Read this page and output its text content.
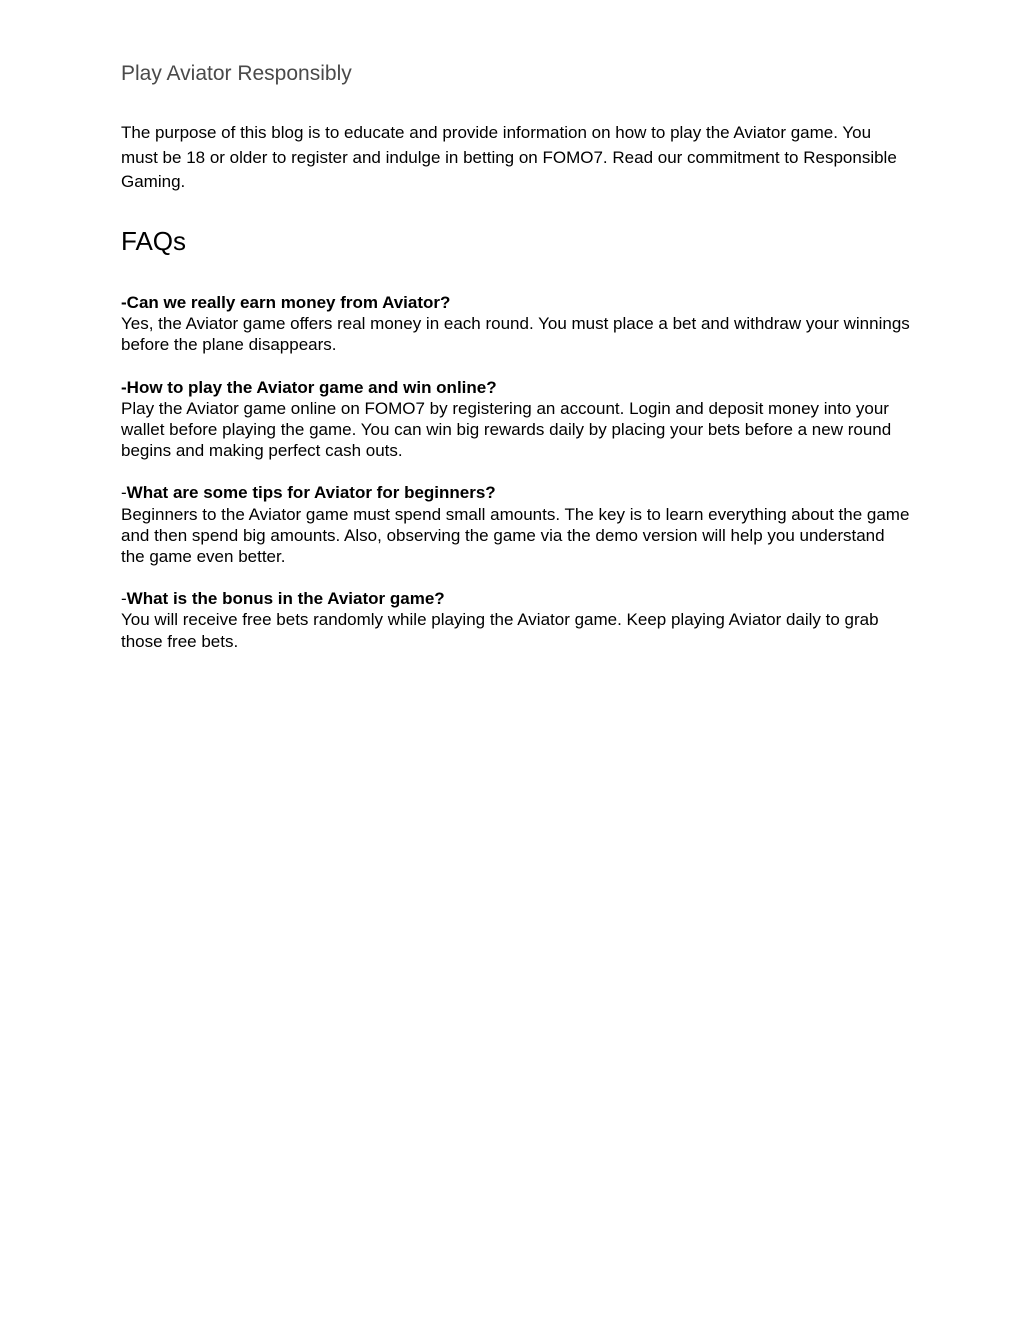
Play Aviator Responsibly

The purpose of this blog is to educate and provide information on how to play the Aviator game. You must be 18 or older to register and indulge in betting on FOMO7. Read our commitment to Responsible Gaming.

FAQs

-Can we really earn money from Aviator?

Yes, the Aviator game offers real money in each round. You must place a bet and withdraw your winnings before the plane disappears.

-How to play the Aviator game and win online?

Play the Aviator game online on FOMO7 by registering an account. Login and deposit money into your wallet before playing the game. You can win big rewards daily by placing your bets before a new round begins and making perfect cash outs.

-What are some tips for Aviator for beginners?

Beginners to the Aviator game must spend small amounts. The key is to learn everything about the game and then spend big amounts. Also, observing the game via the demo version will help you understand the game even better.

-What is the bonus in the Aviator game?

You will receive free bets randomly while playing the Aviator game. Keep playing Aviator daily to grab those free bets.
